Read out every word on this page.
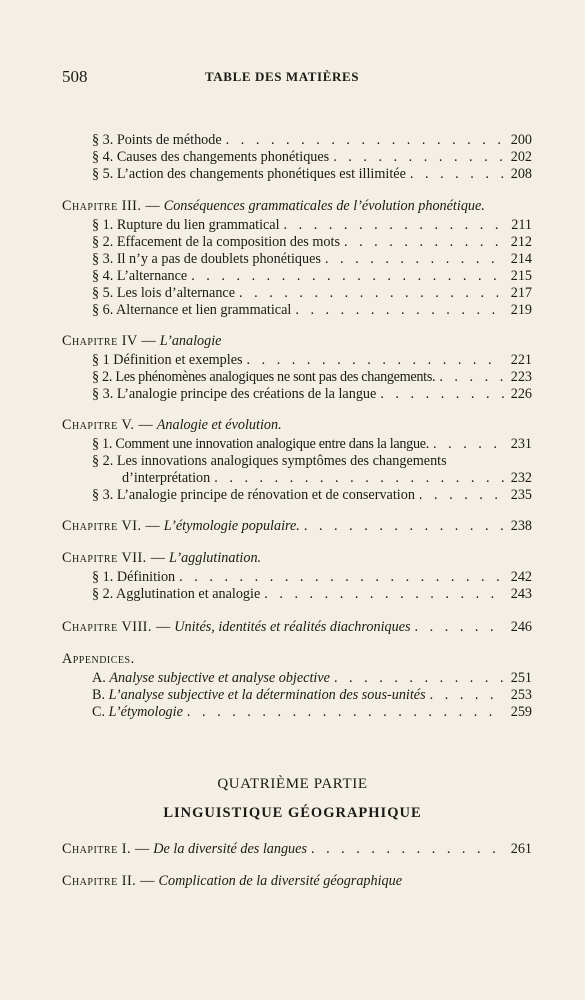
508	TABLE DES MATIÈRES
§ 3. Points de méthode . . .	200
§ 4. Causes des changements phonétiques . . .	202
§ 5. L’action des changements phonétiques est illimitée . . .	208
Chapitre III. — Conséquences grammaticales de l’évolution phonétique.
§ 1. Rupture du lien grammatical . . .	211
§ 2. Effacement de la composition des mots . . .	212
§ 3. Il n’y a pas de doublets phonétiques . . .	214
§ 4. L’alternance . . .	215
§ 5. Les lois d’alternance . . .	217
§ 6. Alternance et lien grammatical . . .	219
Chapitre IV — L’analogie
§ 1 Définition et exemples . . .	221
§ 2. Les phénomènes analogiques ne sont pas des changements. . . .	223
§ 3. L’analogie principe des créations de la langue . . .	226
Chapitre V. — Analogie et évolution.
§ 1. Comment une innovation analogique entre dans la langue. . . .	231
§ 2. Les innovations analogiques symptômes des changements
d’interprétation . . .	232
§ 3. L’analogie principe de rénovation et de conservation . . .	235
Chapitre VI. —
L’étymologie populaire. . . .	238
Chapitre VII. — L’agglutination.
§ 1. Définition . . .	242
§ 2. Agglutination et analogie . . .	243
Chapitre VIII. —
Unités, identités et réalités diachroniques . . .	246
Appendices.
A. Analyse subjective et analyse objective . . .	251
B. L’analyse subjective et la détermination des sous-unités . . .	253
C. L’étymologie . . .	259
QUATRIÈME PARTIE
LINGUISTIQUE GÉOGRAPHIQUE
Chapitre I. —
De la diversité des langues . . .	261
Chapitre II. — Complication de la diversité géographique
